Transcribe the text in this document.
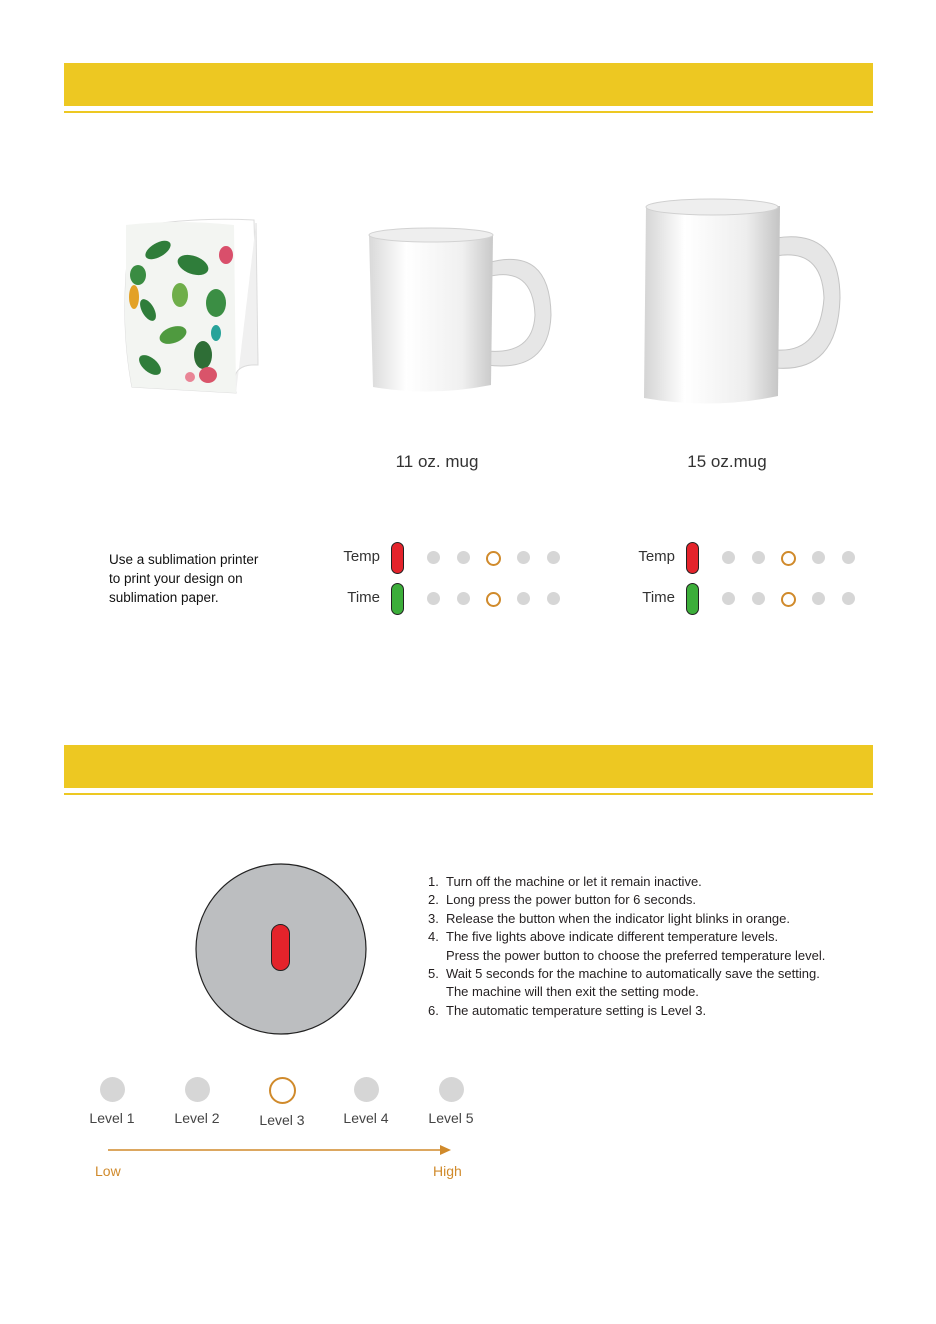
11 oz. mug	15 oz.mug
Use a sublimation printer
to print your design on
sublimation paper.
Temp
Time
Temp
Time
1. Turn off the machine or let it remain inactive.
2. Long press the power button for 6 seconds.
3. Release the button when the indicator light blinks in orange.
4. The five lights above indicate different temperature levels.
Press the power button to choose the preferred temperature level.
5. Wait 5 seconds for the machine to automatically save the setting.
The machine will then exit the setting mode.
6. The automatic temperature setting is Level 3.
Level 1	Level 2	Level 3	Level 4	Level 5
Low	High
